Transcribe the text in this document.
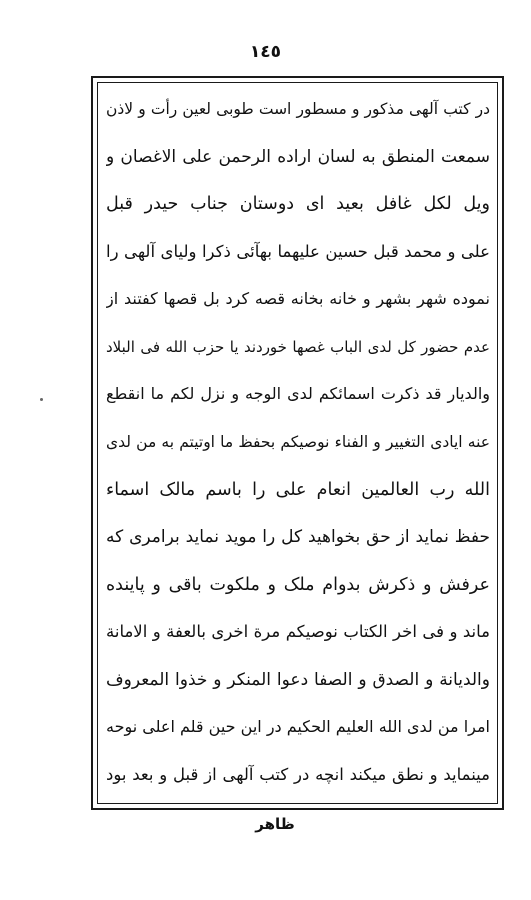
١٤٥
در کتب آلهی مذکور و مسطور است طوبی لعین رأت و لاذن
سمعت المنطق به لسان اراده الرحمن علی الاغصان و
ویل لکل غافل بعید ای دوستان جناب حیدر قبل
علی و محمد قبل حسین علیهما بهآئی ذکرا ولیای آلهی را
نموده شهر بشهر و خانه بخانه قصه کرد بل قصها کفتند از
عدم حضور کل لدی الباب غصها خوردند یا حزب الله فی البلاد
والدیار قد ذکرت اسمائکم لدی الوجه و نزل لکم ما انقطع
عنه ایادی التغییر و الفناء نوصیکم بحفظ ما اوتیتم به من لدی
الله رب العالمین انعام علی را باسم مالک اسماء
حفظ نماید از حق بخواهید کل را موید نماید برامری که
عرفش و ذکرش بدوام ملک و ملکوت باقی و پاینده
ماند و فی اخر الکتاب نوصیکم مرة اخری بالعفة و الامانة
والدیانة و الصدق و الصفا دعوا المنکر و خذوا المعروف
امرا من لدی الله العلیم الحکیم در این حین قلم اعلی نوحه
مینماید و نطق میکند انچه در کتب آلهی از قبل و بعد بود
ظاهر
